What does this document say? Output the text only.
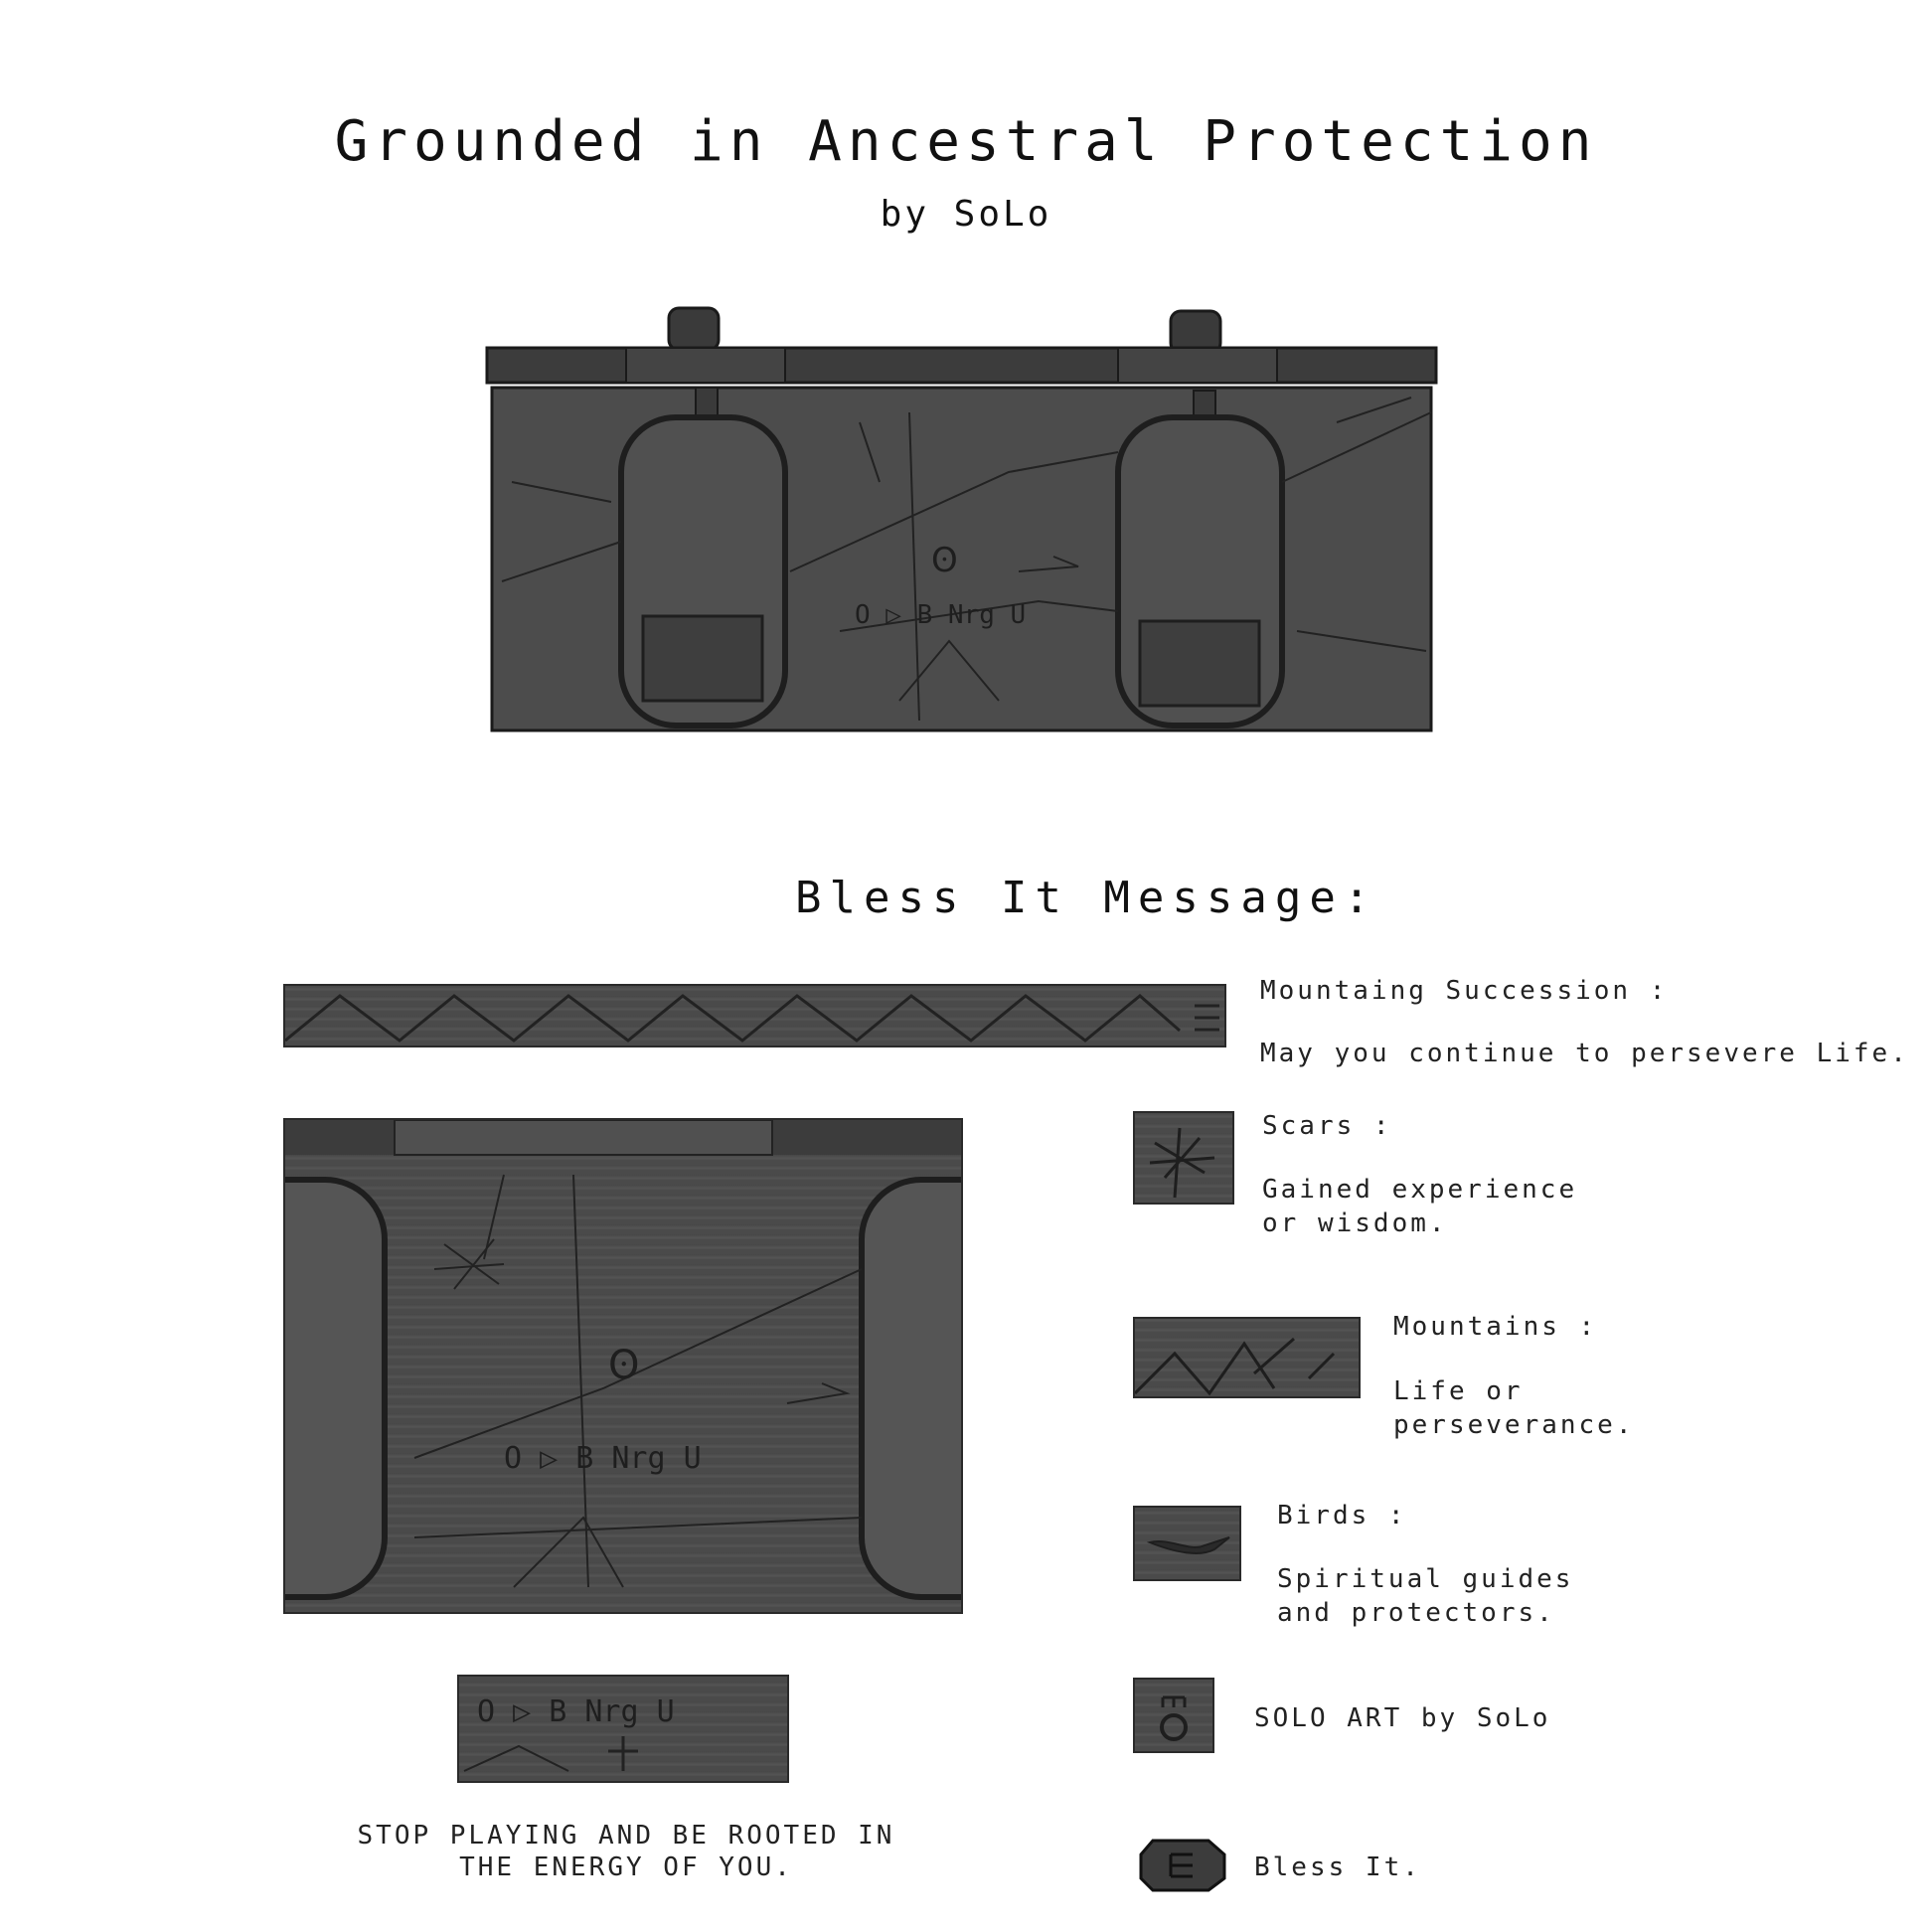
Grounded in Ancestral Protection
by SoLo
O ▷ B Nrg U
ʘ
Bless It Message:
Mountaing Succession :
May you continue to persevere Life.
ʘ
O ▷ B Nrg U
O ▷ B Nrg U
STOP PLAYING AND BE ROOTED IN
THE ENERGY OF YOU.
Scars :
Gained experience or wisdom.
Mountains :
Life or perseverance.
Birds :
Spiritual guides and protectors.
SOLO ART by SoLo
Bless It.
